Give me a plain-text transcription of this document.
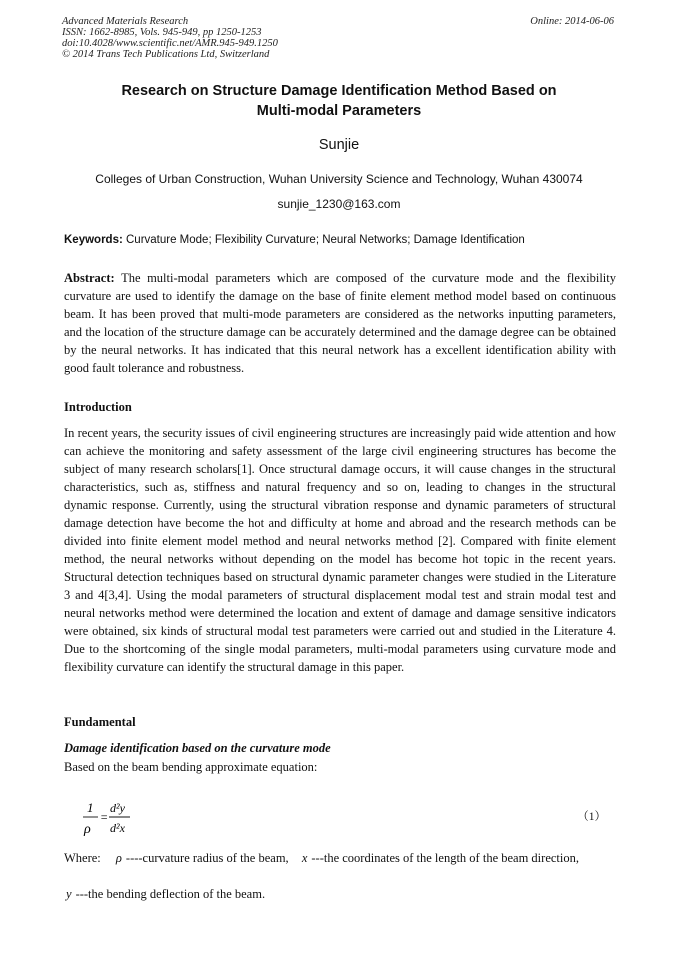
Advanced Materials Research
ISSN: 1662-8985, Vols. 945-949, pp 1250-1253
doi:10.4028/www.scientific.net/AMR.945-949.1250
© 2014 Trans Tech Publications Ltd, Switzerland
Online: 2014-06-06
Research on Structure Damage Identification Method Based on
Multi-modal Parameters
Sunjie
Colleges of Urban Construction, Wuhan University Science and Technology, Wuhan 430074
sunjie_1230@163.com
Keywords: Curvature Mode; Flexibility Curvature; Neural Networks; Damage Identification

Abstract: The multi-modal parameters which are composed of the curvature mode and the flexibility curvature are used to identify the damage on the base of finite element method model based on continuous beam. It has been proved that multi-mode parameters are considered as the networks inputting parameters, and the location of the structure damage can be accurately determined and the damage degree can be obtained by the neural networks. It has indicated that this neural network has a excellent identification ability with good fault tolerance and robustness.

Introduction

In recent years, the security issues of civil engineering structures are increasingly paid wide attention and how can achieve the monitoring and safety assessment of the large civil engineering structures has become the subject of many research scholars[1]. Once structural damage occurs, it will cause changes in the structural characteristics, such as, stiffness and natural frequency and so on, leading to changes in the structural dynamic response. Currently, using the structural vibration response and dynamic parameters of structural damage detection have become the hot and difficulty at home and abroad and the research methods can be divided into finite element model method and neural networks method [2]. Compared with finite element method, the neural networks without depending on the model has become hot topic in the recent years. Structural detection techniques based on structural dynamic parameter changes were studied in the Literature 3 and 4[3,4]. Using the modal parameters of structural displacement modal test and strain modal test and neural networks method were determined the location and extent of damage and damage sensitive indicators were obtained, six kinds of structural modal test parameters were carried out and studied in the Literature 4. Due to the shortcoming of the single modal parameters, multi-modal parameters using curvature mode and flexibility curvature can identify the structural damage in this paper.

Fundamental
Damage identification based on the curvature mode
Based on the beam bending approximate equation:
1
ρ
=
d²y
d²x
（1）
Where: ρ ----curvature radius of the beam, x ---the coordinates of the length of the beam direction,
y ---the bending deflection of the beam.
